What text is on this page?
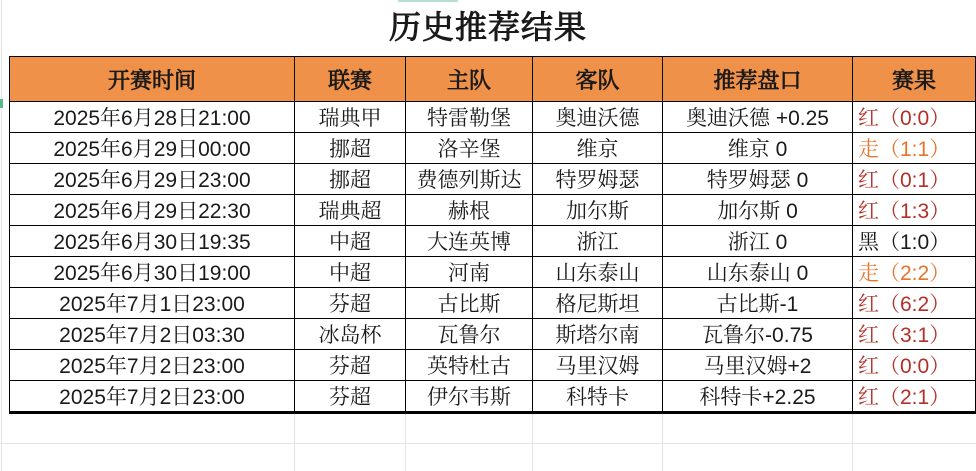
历史推荐结果
开赛时间	联赛	主队	客队	推荐盘口	赛果
2025年6月28日21:00	瑞典甲	特雷勒堡	奥迪沃德	奥迪沃德 +0.25	红（0:0）
2025年6月29日00:00	挪超	洛辛堡	维京	维京 0	走（1:1）
2025年6月29日23:00	挪超	费德列斯达	特罗姆瑟	特罗姆瑟 0	红（0:1）
2025年6月29日22:30	瑞典超	赫根	加尔斯	加尔斯 0	红（1:3）
2025年6月30日19:35	中超	大连英博	浙江	浙江 0	黑（1:0）
2025年6月30日19:00	中超	河南	山东泰山	山东泰山 0	走（2:2）
2025年7月1日23:00	芬超	古比斯	格尼斯坦	古比斯-1	红（6:2）
2025年7月2日03:30	冰岛杯	瓦鲁尔	斯塔尔南	瓦鲁尔-0.75	红（3:1）
2025年7月2日23:00	芬超	英特杜古	马里汉姆	马里汉姆+2	红（0:0）
2025年7月2日23:00	芬超	伊尔韦斯	科特卡	科特卡+2.25	红（2:1）
